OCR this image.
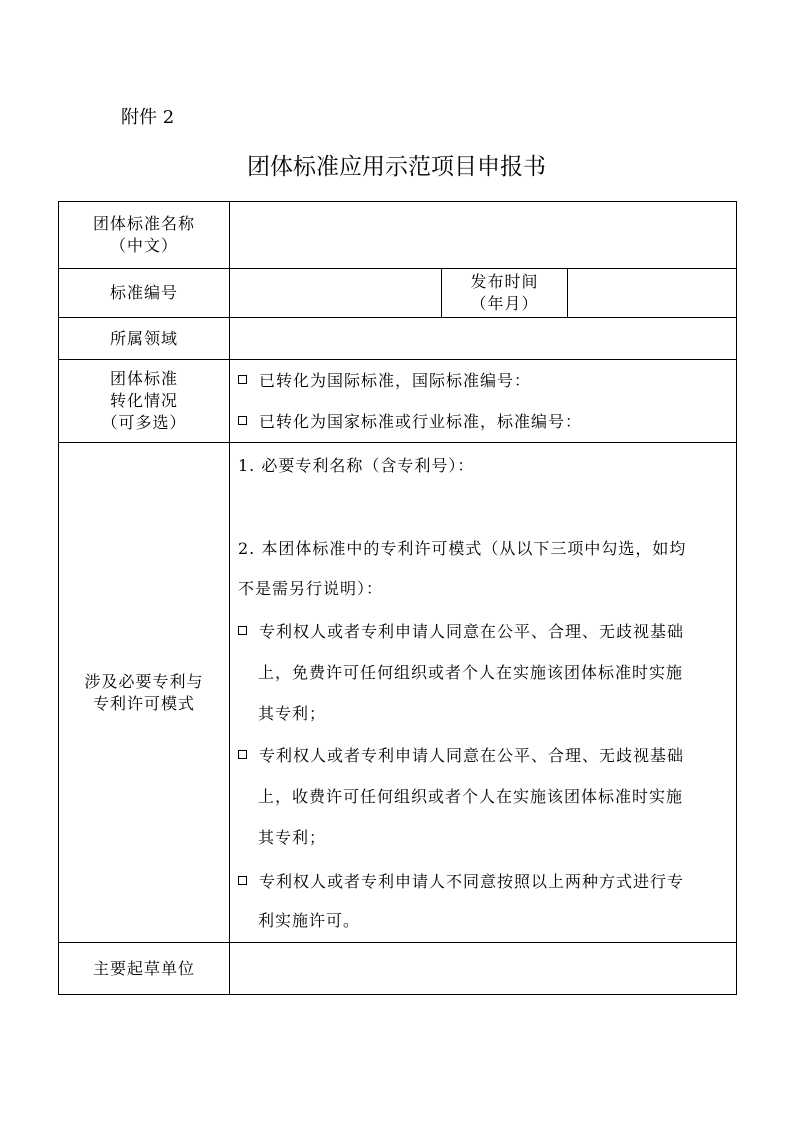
附件 2
团体标准应用示范项目申报书
团体标准名称
（中文）
标准编号
发布时间
（年月）
所属领域
团体标准
转化情况
（可多选）
已转化为国际标准，国际标准编号：
已转化为国家标准或行业标准，标准编号：
涉及必要专利与
专利许可模式
1. 必要专利名称（含专利号）：
2. 本团体标准中的专利许可模式（从以下三项中勾选，如均
不是需另行说明）：
专利权人或者专利申请人同意在公平、合理、无歧视基础
上，免费许可任何组织或者个人在实施该团体标准时实施
其专利；
专利权人或者专利申请人同意在公平、合理、无歧视基础
上，收费许可任何组织或者个人在实施该团体标准时实施
其专利；
专利权人或者专利申请人不同意按照以上两种方式进行专
利实施许可。
主要起草单位
